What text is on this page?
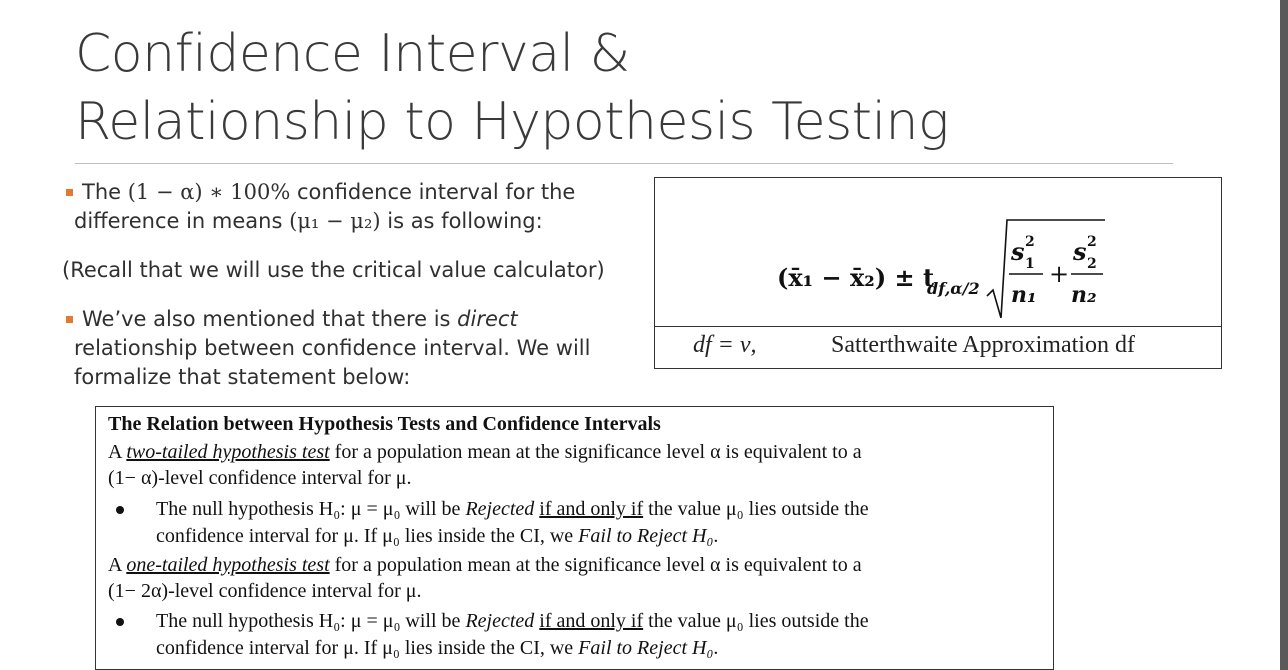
Confidence Interval &
Relationship to Hypothesis Testing
The (1 − α) ∗ 100% confidence interval for the
difference in means (μ₁ − μ₂) is as following:
(Recall that we will use the critical value calculator)
We’ve also mentioned that there is direct
relationship between confidence interval. We will
formalize that statement below:
(x̄₁ − x̄₂) ± t
df,α/2
s 2
1
n₁
+
s 2
2
n₂
df = ν,	Satterthwaite Approximation df
The Relation between Hypothesis Tests and Confidence Intervals
A two-tailed hypothesis test for a population mean at the significance level α is equivalent to a
(1− α)-level confidence interval for μ.
The null hypothesis H₀: μ = μ₀ will be Rejected if and only if the value μ₀ lies outside the
confidence interval for μ. If μ₀ lies inside the CI, we Fail to Reject H₀.
A one-tailed hypothesis test for a population mean at the significance level α is equivalent to a
(1− 2α)-level confidence interval for μ.
The null hypothesis H₀: μ = μ₀ will be Rejected if and only if the value μ₀ lies outside the
confidence interval for μ. If μ₀ lies inside the CI, we Fail to Reject H₀.
